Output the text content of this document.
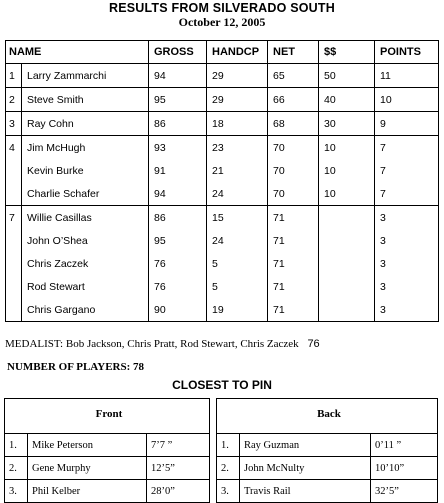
RESULTS FROM SILVERADO SOUTH
October 12, 2005
NAME		GROSS	HANDCP	NET	$$	POINTS
1	Larry Zammarchi	94	29	65	50	11
2	Steve Smith	95	29	66	40	10
3	Ray Cohn	86	18	68	30	9
4	Jim McHugh	93	23	70	10	7
	Kevin Burke	91	21	70	10	7
	Charlie Schafer	94	24	70	10	7
7	Willie Casillas	86	15	71		3
	John O’Shea	95	24	71		3
	Chris Zaczek	76	5	71		3
	Rod Stewart	76	5	71		3
	Chris Gargano	90	19	71		3
MEDALIST: Bob Jackson, Chris Pratt, Rod Stewart, Chris Zaczek 76
NUMBER OF PLAYERS: 78
CLOSEST TO PIN
Front		

1.	Mike Peterson	7’7 ”
2.	Gene Murphy	12’5”
3.	Phil Kelber	28’0”
Back		

1.	Ray Guzman	0’11 ”
2.	John McNulty	10’10”
3.	Travis Rail	32’5”
